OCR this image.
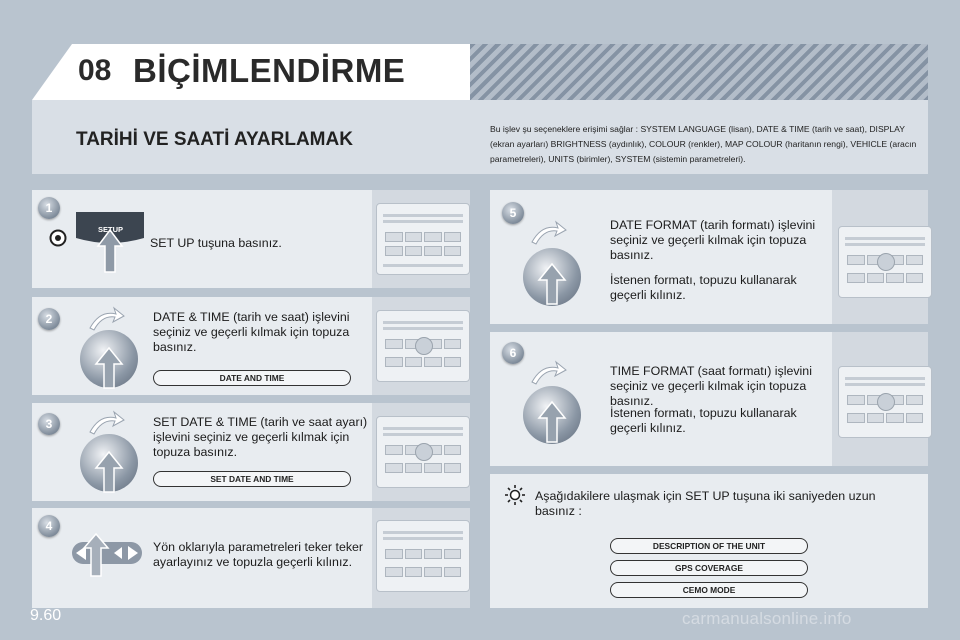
08 BİÇİMLENDİRME
TARİHİ VE SAATİ AYARLAMAK	Bu işlev şu seçeneklere erişimi sağlar : SYSTEM LANGUAGE (lisan), DATE & TIME (tarih ve saat), DISPLAY (ekran ayarları) BRIGHTNESS (aydınlık), COLOUR (renkler), MAP COLOUR (haritanın rengi), VEHICLE (aracın parametreleri), UNITS (birimler), SYSTEM (sistemin parametreleri).
1
SETUP
SET UP tuşuna basınız.
2	DATE & TIME (tarih ve saat) işlevini seçiniz ve geçerli kılmak için topuza basınız.
DATE AND TIME
3	SET DATE & TIME (tarih ve saat ayarı) işlevini seçiniz ve geçerli kılmak için topuza basınız.
SET DATE AND TIME
4
Yön oklarıyla parametreleri teker teker ayarlayınız ve topuzla geçerli kılınız.
5
DATE FORMAT (tarih formatı) işlevini seçiniz ve geçerli kılmak için topuza basınız.
İstenen formatı, topuzu kullanarak geçerli kılınız.
6
TIME FORMAT (saat formatı) işlevini seçiniz ve geçerli kılmak için topuza basınız.
İstenen formatı, topuzu kullanarak geçerli kılınız.
Aşağıdakilere ulaşmak için SET UP tuşuna iki saniyeden uzun basınız :
DESCRIPTION OF THE UNIT
GPS COVERAGE
CEMO MODE
9.60	carmanualsonline.info
